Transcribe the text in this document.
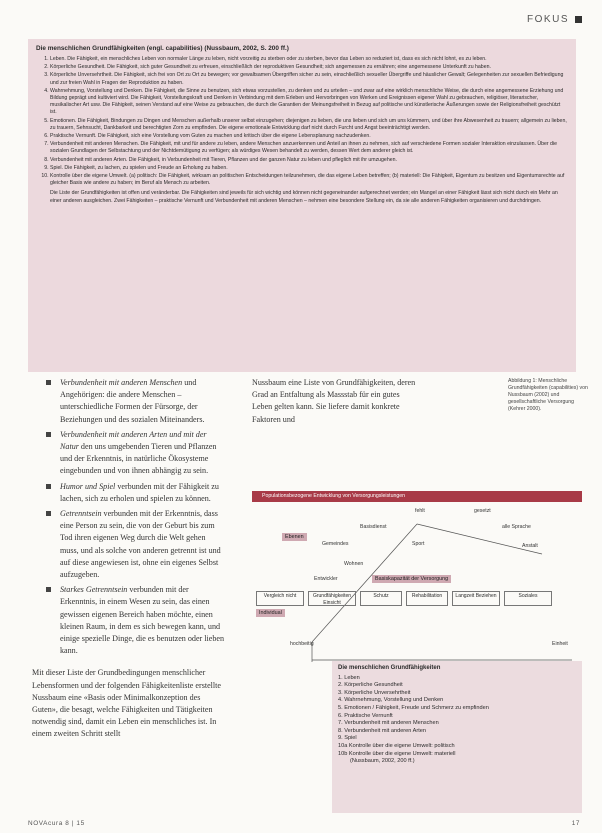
FOKUS
Die menschlichen Grundfähigkeiten (engl. capabilities) (Nussbaum, 2002, S. 200 ff.)
1. Leben. Die Fähigkeit, ein menschliches Leben von normaler Länge zu leben, nicht vorzeitig zu sterben oder zu sterben, bevor das Leben so reduziert ist, dass es sich nicht lohnt, es zu leben.
2. Körperliche Gesundheit. Die Fähigkeit, sich guter Gesundheit zu erfreuen, einschließlich der reproduktiven Gesundheit; sich angemessen zu ernähren; eine angemessene Unterkunft zu haben.
3. Körperliche Unversehrtheit. Die Fähigkeit, sich frei von Ort zu Ort zu bewegen; vor gewaltsamen Übergriffen sicher zu sein, einschließlich sexueller Übergriffe und häuslicher Gewalt; Gelegenheiten zur sexuellen Befriedigung und zur freien Wahl in Fragen der Reproduktion zu haben.
4. Wahrnehmung, Vorstellung und Denken. Die Fähigkeit, die Sinne zu benutzen, sich etwas vorzustellen, zu denken und zu urteilen – und zwar auf eine wirklich menschliche Weise, die durch eine angemessene Erziehung und Bildung geprägt und kultiviert wird. Die Fähigkeit, Vorstellungskraft und Denken in Verbindung mit dem Erleben und Hervorbringen von Werken und Ereignissen eigener Wahl zu gebrauchen, religiöser, literarischer, musikalischer Art usw. Die Fähigkeit, seinen Verstand auf eine Weise zu gebrauchen, die durch die Garantien der Meinungsfreiheit in Bezug auf politische und künstlerische Äußerungen sowie der Religionsfreiheit geschützt ist.
5. Emotionen. Die Fähigkeit, Bindungen zu Dingen und Menschen außerhalb unserer selbst einzugehen; diejenigen zu lieben, die uns lieben und sich um uns kümmern, und über ihre Abwesenheit zu trauern; allgemein zu lieben, zu trauern, Sehnsucht, Dankbarkeit und berechtigten Zorn zu empfinden. Die eigene emotionale Entwicklung darf nicht durch Furcht und Angst beeinträchtigt werden.
6. Praktische Vernunft. Die Fähigkeit, sich eine Vorstellung vom Guten zu machen und kritisch über die eigene Lebensplanung nachzudenken.
7. Verbundenheit mit anderen Menschen. Die Fähigkeit, mit und für andere zu leben, andere Menschen anzuerkennen und Anteil an ihnen zu nehmen, sich auf verschiedene Formen sozialer Interaktion einzulassen. Über die sozialen Grundlagen der Selbstachtung und der Nichtdemütigung zu verfügen; als würdiges Wesen behandelt zu werden, dessen Wert dem anderer gleich ist.
8. Verbundenheit mit anderen Arten. Die Fähigkeit, in Verbundenheit mit Tieren, Pflanzen und der ganzen Natur zu leben und pfleglich mit ihr umzugehen.
9. Spiel. Die Fähigkeit, zu lachen, zu spielen und Freude an Erholung zu haben.
10. Kontrolle über die eigene Umwelt. (a) politisch: Die Fähigkeit, wirksam an politischen Entscheidungen teilzunehmen, die das eigene Leben betreffen; (b) materiell: Die Fähigkeit, Eigentum zu besitzen und Eigentumsrechte auf gleicher Basis wie andere zu haben; im Beruf als Mensch zu arbeiten.
Die Liste der Grundfähigkeiten ist offen und veränderbar. Die Fähigkeiten sind jeweils für sich wichtig und können nicht gegeneinander aufgerechnet werden; ein Mangel an einer Fähigkeit lässt sich nicht durch ein Mehr an einer anderen ausgleichen. Zwei Fähigkeiten – praktische Vernunft und Verbundenheit mit anderen Menschen – nehmen eine besondere Stellung ein, da sie alle anderen Fähigkeiten organisieren und durchdringen.
Verbundenheit mit anderen Menschen und Angehörigen: die andere Menschen – unterschiedliche Formen der Fürsorge, der Beziehungen und des sozialen Miteinanders.
Verbundenheit mit anderen Arten und mit der Natur den uns umgebenden Tieren und Pflanzen und der Erkenntnis, in natürliche Ökosysteme eingebunden und von ihnen abhängig zu sein.
Humor und Spiel verbunden mit der Fähigkeit zu lachen, sich zu erholen und spielen zu können.
Getrenntsein verbunden mit der Erkenntnis, dass eine Person zu sein, die von der Geburt bis zum Tod ihren eigenen Weg durch die Welt gehen muss, und als solche von anderen getrennt ist und auf diese angewiesen ist, ohne ein eigenes Selbst aufzugeben.
Starkes Getrenntsein verbunden mit der Erkenntnis, in einem Wesen zu sein, das einen gewissen eigenen Bereich haben möchte, einen kleinen Raum, in dem es sich bewegen kann, und einige spezielle Dinge, die es benutzen oder lieben kann.
Mit dieser Liste der Grundbedingungen menschlicher Lebensformen und der folgenden Fähigkeitenliste erstellte Nussbaum eine «Basis oder Minimalkonzeption des Guten», die besagt, welche Fähigkeiten und Tätigkeiten notwendig sind, damit ein Leben ein menschliches ist. In einem zweiten Schritt stellt
Nussbaum eine Liste von Grundfähigkeiten, deren Grad an Entfaltung als Massstab für ein gutes Leben gelten kann. Sie liefere damit konkrete Faktoren und
Abbildung 1: Menschliche Grundfähigkeiten (capabilities) von Nussbaum (2002) und gesellschaftliche Versorgung (Kehrer 2000).
Populationsbezogene Entwicklung von Versorgungsleistungen
Ebenen
Individual
Basiskapazität der Versorgung
fehlt	gesetzt
Basisdienst
Gemeindes
alle Sprache
Sport	Anstalt
Wohnen
Entwickler
hochbeitig	Einheit
Vergleich nicht	Grundfähigkeiten Einsicht
Schutz	Rehabilitation	Langzeit Beziehen	Soziales
Die menschlichen Grundfähigkeiten
1. Leben
2. Körperliche Gesundheit
3. Körperliche Unversehrtheit
4. Wahrnehmung, Vorstellung und Denken
5. Emotionen / Fähigkeit, Freude und Schmerz zu empfinden
6. Praktische Vernunft
7. Verbundenheit mit anderen Menschen
8. Verbundenheit mit anderen Arten
9. Spiel
10a Kontrolle über die eigene Umwelt: politisch
10b Kontrolle über die eigene Umwelt: materiell
(Nussbaum, 2002, 200 ff.)
NOVAcura 8 | 15	17
